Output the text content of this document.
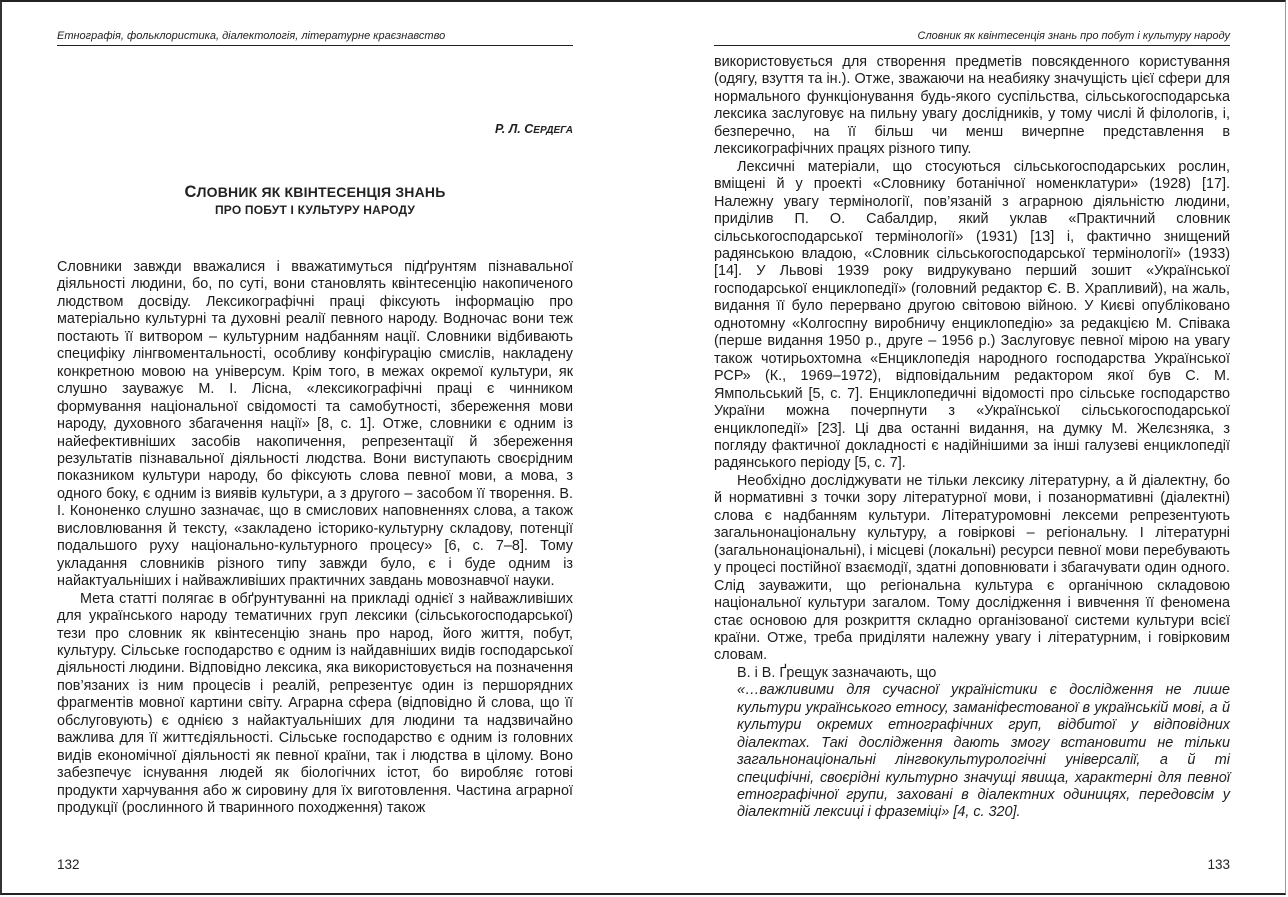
Етнографія, фольклористика, діалектологія, літературне краєзнавство
Р. Л. СЕРДЕГА
СЛОВНИК ЯК КВІНТЕСЕНЦІЯ ЗНАНЬ
ПРО ПОБУТ І КУЛЬТУРУ НАРОДУ

Словники завжди вважалися і вважатимуться підґрунтям пізнавальної діяльності людини, бо, по суті, вони становлять квінтесенцію накопиченого людством досвіду. Лексикографічні праці фіксують інформацію про матеріально культурні та духовні реалії певного народу. Водночас вони теж постають її витвором – культурним надбанням нації. Словники відбивають специфіку лінгвоментальності, особливу конфігурацію смислів, накладену конкретною мовою на універсум. Крім того, в межах окремої культури, як слушно зауважує М. І. Лісна, «лексикографічні праці є чинником формування національної свідомості та самобутності, збереження мови народу, духовного збагачення нації» [8, с. 1]. Отже, словники є одним із найефективніших засобів накопичення, репрезентації й збереження результатів пізнавальної діяльності людства. Вони виступають своєрідним показником культури народу, бо фіксують слова певної мови, а мова, з одного боку, є одним із виявів культури, а з другого – засобом її творення. В. І. Кононенко слушно зазначає, що в смислових наповненнях слова, а також висловлювання й тексту, «закладено історико-культурну складову, потенції подальшого руху національно-культурного процесу» [6, с. 7–8]. Тому укладання словників різного типу завжди було, є і буде одним із найактуальніших і найважливіших практичних завдань мовознавчої науки.

Мета статті полягає в обґрунтуванні на прикладі однієї з найважливіших для українського народу тематичних груп лексики (сільськогосподарської) тези про словник як квінтесенцію знань про народ, його життя, побут, культуру. Сільське господарство є одним із найдавніших видів господарської діяльності людини. Відповідно лексика, яка використовується на позначення пов’язаних із ним процесів і реалій, репрезентує один із першорядних фрагментів мовної картини світу. Аграрна сфера (відповідно й слова, що її обслуговують) є однією з найактуальніших для людини та надзвичайно важлива для її життєдіяльності. Сільське господарство є одним із головних видів економічної діяльності як певної країни, так і людства в цілому. Воно забезпечує існування людей як біологічних істот, бо виробляє готові продукти харчування або ж сировину для їх виготовлення. Частина аграрної продукції (рослинного й тваринного походження) також

132
Словник як квінтесенція знань про побут і культуру народу

використовується для створення предметів повсякденного користування (одягу, взуття та ін.). Отже, зважаючи на неабияку значущість цієї сфери для нормального функціонування будь-якого суспільства, сільськогосподарська лексика заслуговує на пильну увагу дослідників, у тому числі й філологів, і, безперечно, на її більш чи менш вичерпне представлення в лексикографічних працях різного типу.

Лексичні матеріали, що стосуються сільськогосподарських рослин, вміщені й у проекті «Словнику ботанічної номенклатури» (1928) [17]. Належну увагу термінології, пов’язаній з аграрною діяльністю людини, приділив П. О. Сабалдир, який уклав «Практичний словник сільськогосподарської термінології» (1931) [13] і, фактично знищений радянською владою, «Словник сільськогосподарської термінології» (1933) [14]. У Львові 1939 року видрукувано перший зошит «Української господарської енциклопедії» (головний редактор Є. В. Храпливий), на жаль, видання її було перервано другою світовою війною. У Києві опубліковано однотомну «Колгоспну виробничу енциклопедію» за редакцією М. Співака (перше видання 1950 р., друге – 1956 р.) Заслуговує певної мірою на увагу також чотирьохтомна «Енциклопедія народного господарства Української РСР» (К., 1969–1972), відповідальним редактором якої був С. М. Ямпольський [5, с. 7]. Енциклопедичні відомості про сільське господарство України можна почерпнути з «Української сільськогосподарської енциклопедії» [23]. Ці два останні видання, на думку М. Желєзняка, з погляду фактичної докладності є надійнішими за інші галузеві енциклопедії радянського періоду [5, с. 7].

Необхідно досліджувати не тільки лексику літературну, а й діалектну, бо й нормативні з точки зору літературної мови, і позанормативні (діалектні) слова є надбанням культури. Літературомовні лексеми репрезентують загальнонаціональну культуру, а говіркові – регіональну. І літературні (загальнонаціональні), і місцеві (локальні) ресурси певної мови перебувають у процесі постійної взаємодії, здатні доповнювати і збагачувати один одного. Слід зауважити, що регіональна культура є органічною складовою національної культури загалом. Тому дослідження і вивчення її феномена стає основою для розкриття складно організованої системи культури всієї країни. Отже, треба приділяти належну увагу і літературним, і говірковим словам.

В. і В. Ґрещук зазначають, що

«…важливими для сучасної україністики є дослідження не лише культури українського етносу, заманіфестованої в українській мові, а й культури окремих етнографічних груп, відбитої у відповідних діалектах. Такі дослідження дають змогу встановити не тільки загальнонаціональні лінгвокультурологічні універсалії, а й ті специфічні, своєрідні культурно значущі явища, характерні для певної етнографічної групи, заховані в діалектних одиницях, передовсім у діалектній лексиці і фраземіці» [4, с. 320].

133
